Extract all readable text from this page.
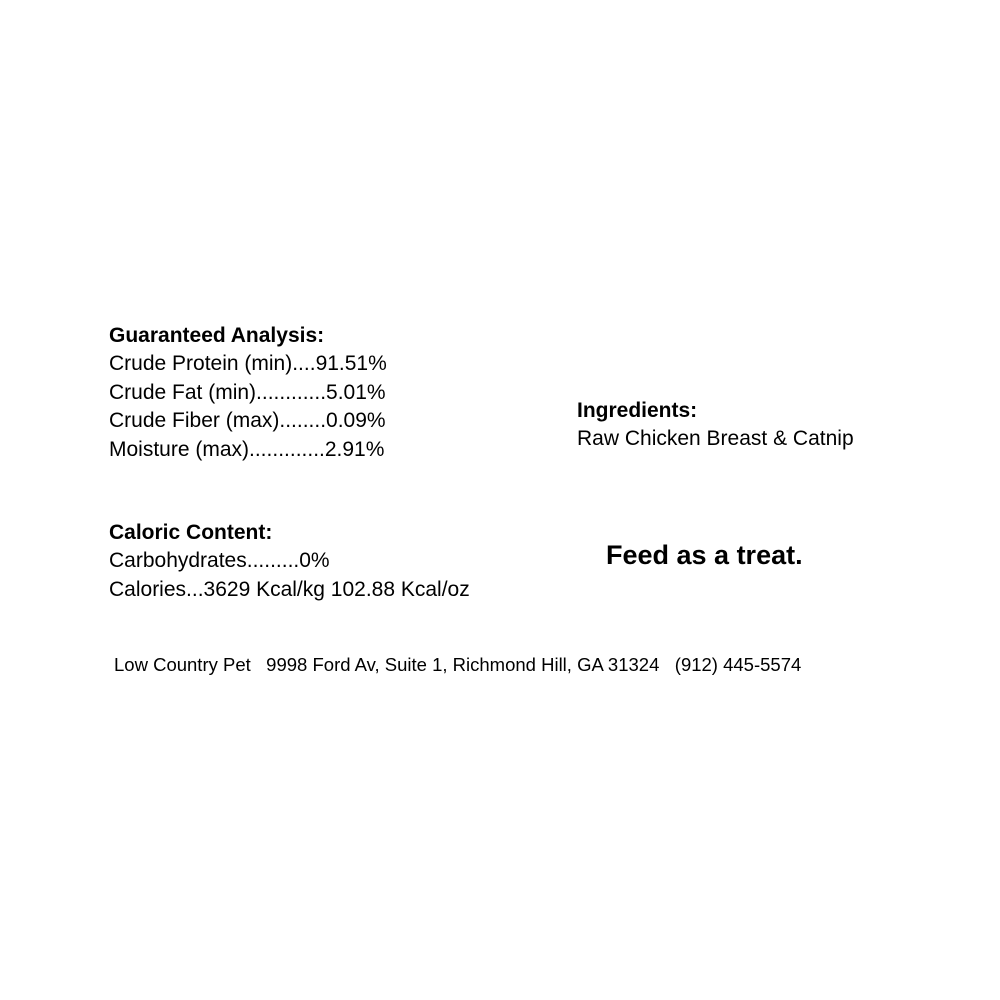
Guaranteed Analysis:
Crude Protein (min)....91.51%
Crude Fat (min)............5.01%
Crude Fiber (max)........0.09%
Moisture (max).............2.91%
Ingredients:
Raw Chicken Breast & Catnip
Caloric Content:
Carbohydrates.........0%
Calories...3629 Kcal/kg 102.88 Kcal/oz
Feed as a treat.
Low Country Pet   9998 Ford Av, Suite 1, Richmond Hill, GA 31324   (912) 445-5574
